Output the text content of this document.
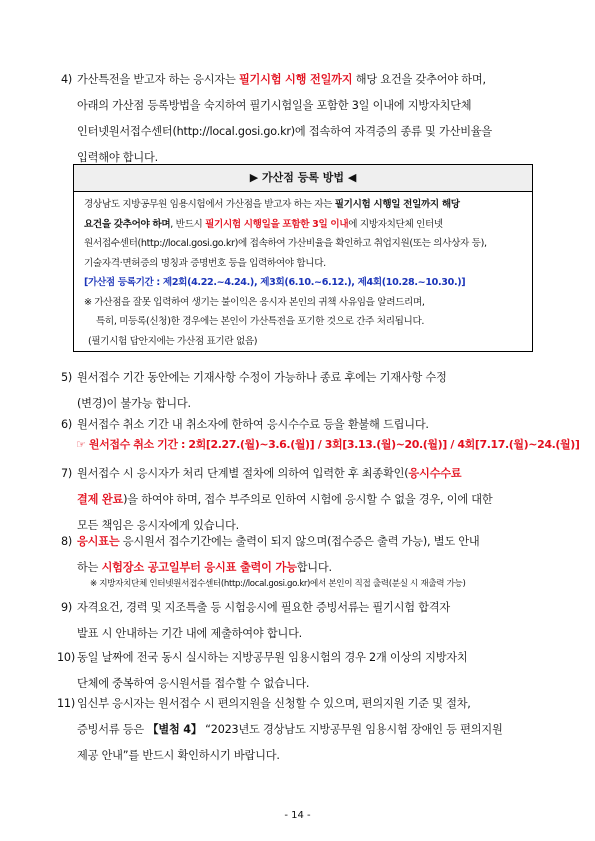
4) 가산특전을 받고자 하는 응시자는 필기시험 시행 전일까지 해당 요건을 갖추어야 하며,
아래의 가산점 등록방법을 숙지하여 필기시험일을 포함한 3일 이내에 지방자치단체
인터넷원서접수센터(http://local.gosi.go.kr)에 접속하여 자격증의 종류 및 가산비율을
입력해야 합니다.
▶ 가산점 등록 방법 ◀
경상남도 지방공무원 임용시험에서 가산점을 받고자 하는 자는 필기시험 시행일 전일까지 해당
요건을 갖추어야 하며, 반드시 필기시험 시행일을 포함한 3일 이내에 지방자치단체 인터넷
원서접수센터(http://local.gosi.go.kr)에 접속하여 가산비율을 확인하고 취업지원(또는 의사상자 등),
기술자격·면허증의 명칭과 증명번호 등을 입력하여야 합니다.
[가산점 등록기간 : 제2회(4.22.~4.24.), 제3회(6.10.~6.12.), 제4회(10.28.~10.30.)]
※ 가산점을 잘못 입력하여 생기는 불이익은 응시자 본인의 귀책 사유임을 알려드리며,
특히, 미등록(신청)한 경우에는 본인이 가산특전을 포기한 것으로 간주 처리됩니다.
(필기시험 답안지에는 가산점 표기란 없음)
5) 원서접수 기간 동안에는 기재사항 수정이 가능하나 종료 후에는 기재사항 수정
(변경)이 불가능 합니다.
6) 원서접수 취소 기간 내 취소자에 한하여 응시수수료 등을 환불해 드립니다.
☞ 원서접수 취소 기간 : 2회[2.27.(월)~3.6.(월)] / 3회[3.13.(월)~20.(월)] / 4회[7.17.(월)~24.(월)]
7) 원서접수 시 응시자가 처리 단계별 절차에 의하여 입력한 후 최종확인(응시수수료
결제 완료)을 하여야 하며, 접수 부주의로 인하여 시험에 응시할 수 없을 경우, 이에 대한
모든 책임은 응시자에게 있습니다.
8) 응시표는 응시원서 접수기간에는 출력이 되지 않으며(접수증은 출력 가능), 별도 안내
하는 시험장소 공고일부터 응시표 출력이 가능합니다.
※ 지방자치단체 인터넷원서접수센터(http://local.gosi.go.kr)에서 본인이 직접 출력(분실 시 재출력 가능)
9) 자격요건, 경력 및 지조특출 등 시험응시에 필요한 증빙서류는 필기시험 합격자
발표 시 안내하는 기간 내에 제출하여야 합니다.
10) 동일 날짜에 전국 동시 실시하는 지방공무원 임용시험의 경우 2개 이상의 지방자치
단체에 중복하여 응시원서를 접수할 수 없습니다.
11) 임신부 응시자는 원서접수 시 편의지원을 신청할 수 있으며, 편의지원 기준 및 절차,
증빙서류 등은 【별첨 4】 “2023년도 경상남도 지방공무원 임용시험 장애인 등 편의지원
제공 안내”를 반드시 확인하시기 바랍니다.
- 14 -
